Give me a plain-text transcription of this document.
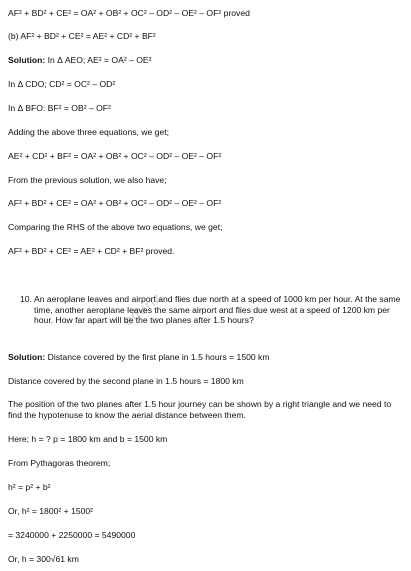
AF² + BD² + CE² = OA² + OB² + OC² – OD² – OE² – OF² proved
(b) AF² + BD² + CE² = AE² + CD² + BF²
Solution: In Δ AEO; AE² = OA² – OE²
In Δ CDO; CD² = OC² – OD²
In Δ BFO: BF² = OB² – OF²
Adding the above three equations, we get;
AE² + CD² + BF² = OA² + OB² + OC² – OD² – OE² – OF²
From the previous solution, we also have;
AF² + BD² + CE² = OA² + OB² + OC² – OD² – OE² – OF²
Comparing the RHS of the above two equations, we get;
AF² + BD² + CE² = AE² + CD² + BF² proved.
eduriz
10. An aeroplane leaves and airport and flies due north at a speed of 1000 km per hour. At the same time, another aeroplane leaves the same airport and flies due west at a speed of 1200 km per hour. How far apart will be the two planes after 1.5 hours?
Solution: Distance covered by the first plane in 1.5 hours = 1500 km
Distance covered by the second plane in 1.5 hours = 1800 km
The position of the two planes after 1.5 hour journey can be shown by a right triangle and we need to find the hypotenuse to know the aerial distance between them.
Here; h = ? p = 1800 km and b = 1500 km
From Pythagoras theorem;
h² = p² + b²
Or, h² = 1800² + 1500²
= 3240000 + 2250000 = 5490000
Or, h = 300√61 km
